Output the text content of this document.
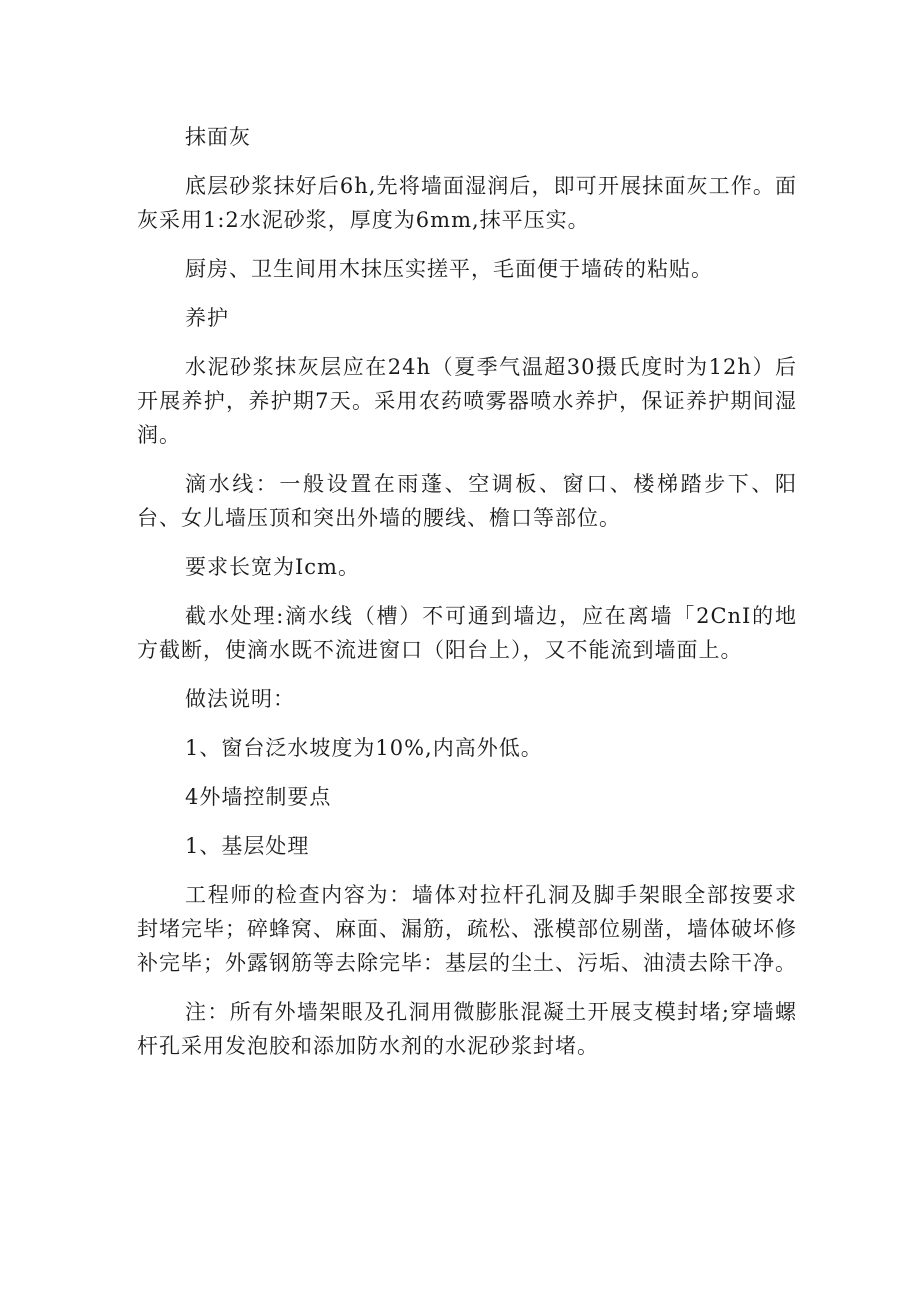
抹面灰

底层砂浆抹好后6h,先将墙面湿润后，即可开展抹面灰工作。面灰采用1:2水泥砂浆，厚度为6mm,抹平压实。

厨房、卫生间用木抹压实搓平，毛面便于墙砖的粘贴。

养护

水泥砂浆抹灰层应在24h（夏季气温超30摄氏度时为12h）后开展养护，养护期7天。采用农药喷雾器喷水养护，保证养护期间湿润。

滴水线：一般设置在雨蓬、空调板、窗口、楼梯踏步下、阳台、女儿墙压顶和突出外墙的腰线、檐口等部位。

要求长宽为Icm。

截水处理:滴水线（槽）不可通到墙边，应在离墙「2CnI的地方截断，使滴水既不流进窗口（阳台上），又不能流到墙面上。

做法说明：

1、窗台泛水坡度为10%,内高外低。

4外墙控制要点

1、基层处理

工程师的检查内容为：墙体对拉杆孔洞及脚手架眼全部按要求封堵完毕；碎蜂窝、麻面、漏筋，疏松、涨模部位剔凿，墙体破坏修补完毕；外露钢筋等去除完毕：基层的尘土、污垢、油渍去除干净。

注：所有外墙架眼及孔洞用微膨胀混凝土开展支模封堵;穿墙螺杆孔采用发泡胶和添加防水剂的水泥砂浆封堵。
